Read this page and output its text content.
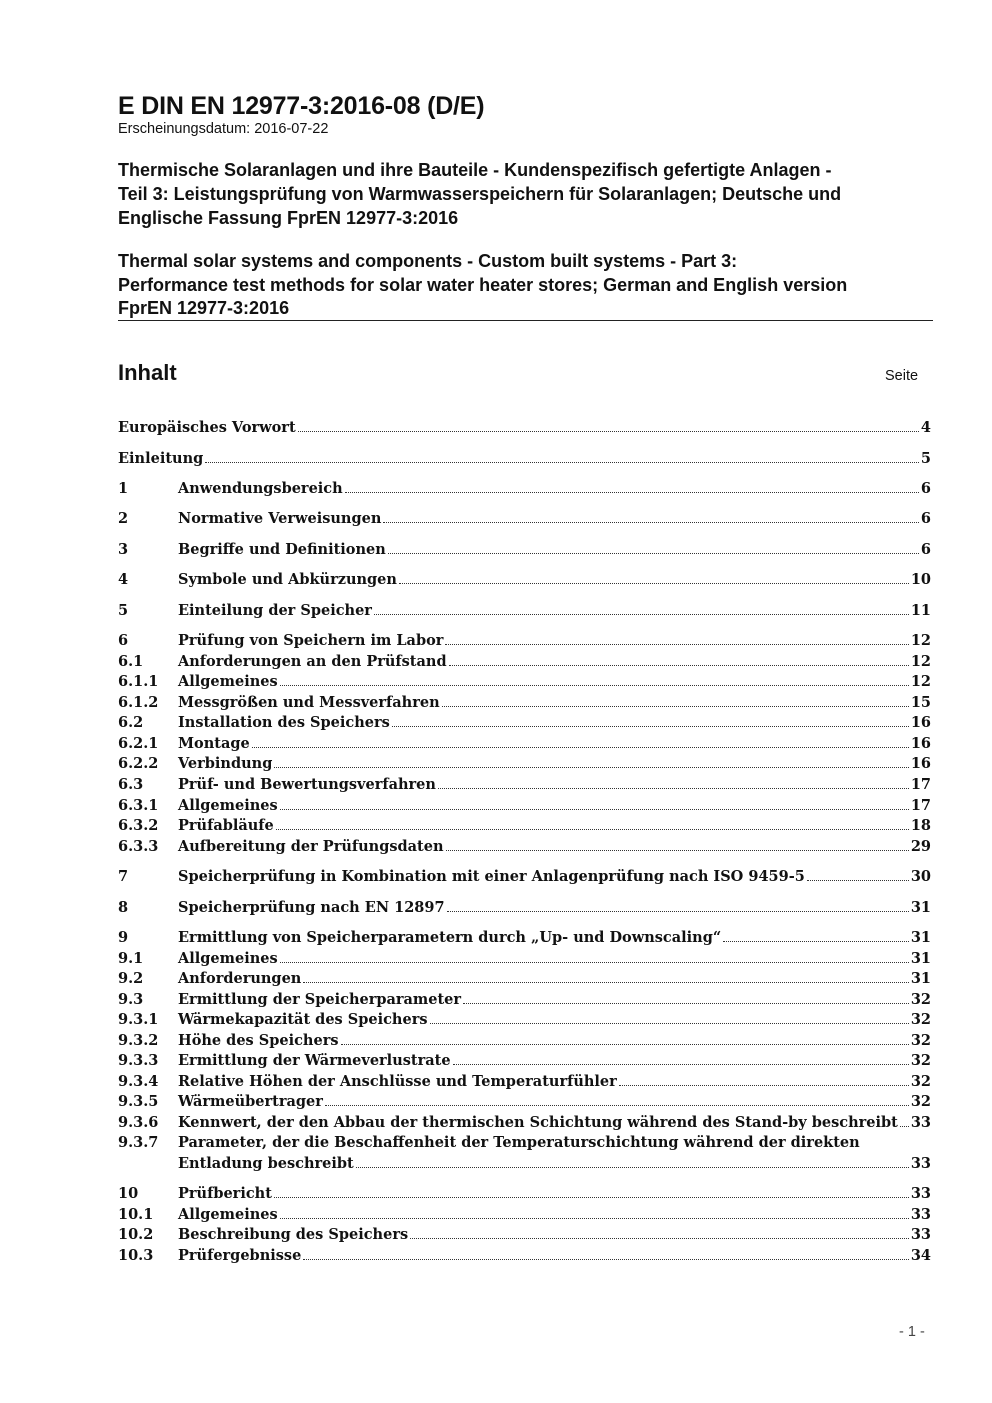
E DIN EN 12977-3:2016-08 (D/E)

Erscheinungsdatum: 2016-07-22

Thermische Solaranlagen und ihre Bauteile - Kundenspezifisch gefertigte Anlagen -
Teil 3: Leistungsprüfung von Warmwasserspeichern für Solaranlagen; Deutsche und
Englische Fassung FprEN 12977-3:2016
Thermal solar systems and components - Custom built systems - Part 3:
Performance test methods for solar water heater stores; German and English version
FprEN 12977-3:2016
Inhalt	Seite

Europäisches Vorwort	4
Einleitung	5
1	Anwendungsbereich	6
2	Normative Verweisungen	6
3	Begriffe und Definitionen	6
4	Symbole und Abkürzungen	10
5	Einteilung der Speicher	11
6	Prüfung von Speichern im Labor	12
6.1 Anforderungen an den Prüfstand	12
6.1.1 Allgemeines	12
6.1.2 Messgrößen und Messverfahren	15
6.2 Installation des Speichers	16
6.2.1 Montage	16
6.2.2 Verbindung	16
6.3 Prüf- und Bewertungsverfahren	17
6.3.1 Allgemeines	17
6.3.2 Prüfabläufe	18
6.3.3 Aufbereitung der Prüfungsdaten	29
7	Speicherprüfung in Kombination mit einer Anlagenprüfung nach ISO 9459-5	30
8	Speicherprüfung nach EN 12897	31
9	Ermittlung von Speicherparametern durch „Up- und Downscaling“	31
9.1 Allgemeines	31
9.2 Anforderungen	31
9.3 Ermittlung der Speicherparameter	32
9.3.1 Wärmekapazität des Speichers	32
9.3.2 Höhe des Speichers	32
9.3.3 Ermittlung der Wärmeverlustrate	32
9.3.4 Relative Höhen der Anschlüsse und Temperaturfühler	32
9.3.5 Wärmeübertrager	32
9.3.6 Kennwert, der den Abbau der thermischen Schichtung während des Stand-by beschreibt 33
9.3.7 Parameter, der die Beschaffenheit der Temperaturschichtung während der direkten
Entladung beschreibt	33
10	Prüfbericht	33
10.1 Allgemeines	33
10.2 Beschreibung des Speichers	33
10.3 Prüfergebnisse	34

- 1 -
